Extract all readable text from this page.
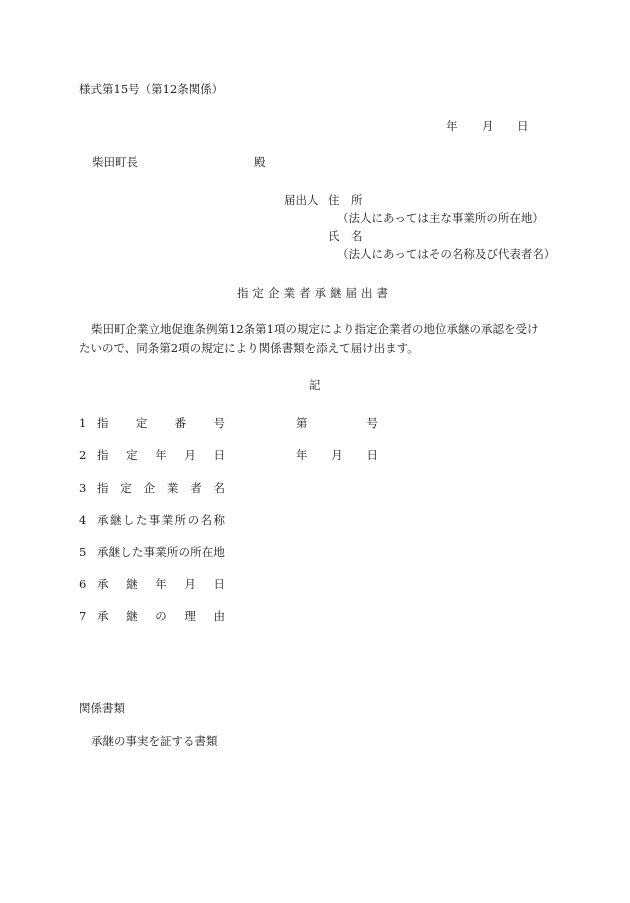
様式第15号（第12条関係）
年 月 日
柴田町長	殿
届出人 住　所
（法人にあっては主な事業所の所在地）
氏　名
（法人にあってはその名称及び代表者名）
指定企業者承継届出書
柴田町企業立地促進条例第12条第1項の規定により指定企業者の地位承継の承認を受け
たいので、同条第2項の規定により関係書類を添えて届け出ます。
記
1 指 定 番 号	第	号
2 指 定 年 月 日	年 月 日
3 指 定 企 業 者 名
4 承 継 し た 事 業 所 の 名 称
5 承 継 し た 事 業 所 の 所 在 地
6 承 継 年 月 日
7 承 継 の 理 由
関係書類
承継の事実を証する書類
